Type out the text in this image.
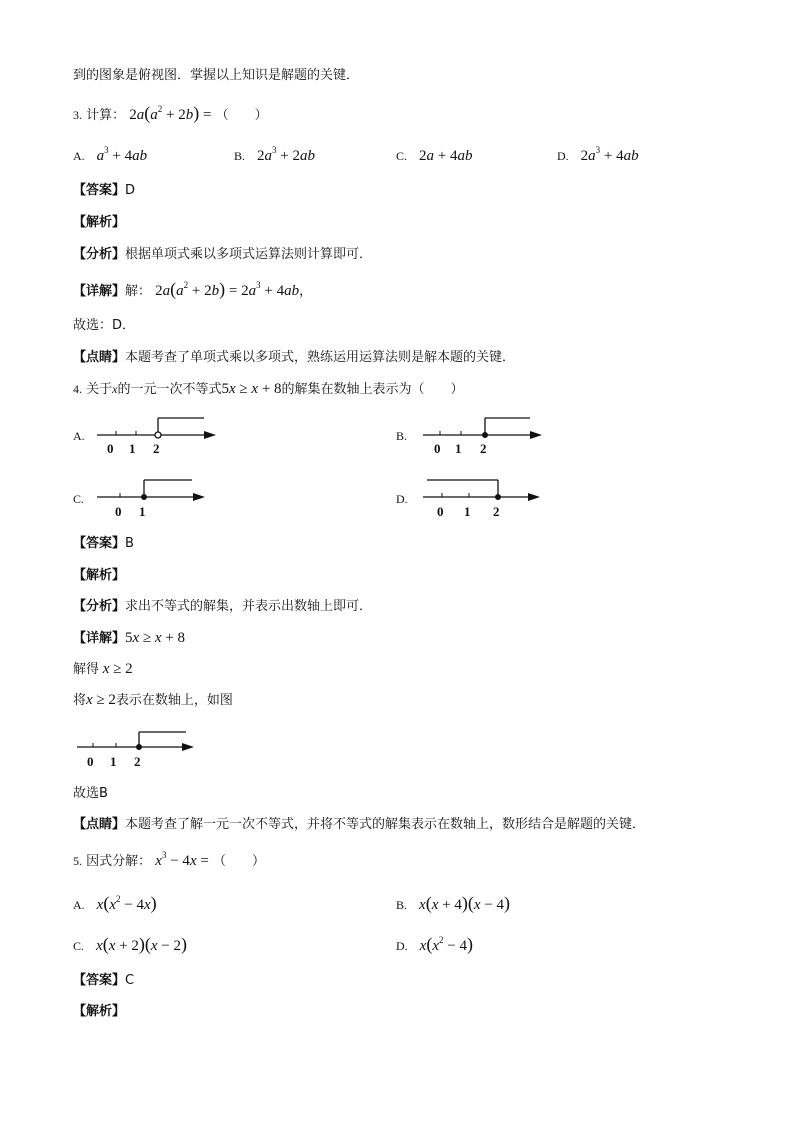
到的图象是俯视图．掌握以上知识是解题的关键．
3. 计算： $2a(a^2 + 2b)$ = （　　）
A. $a^3 + 4ab$	B. $2a^3 + 2ab$	C. 2a + 4ab	D. $2a^3 + 4ab$
【答案】D
【解析】
【分析】根据单项式乘以多项式运算法则计算即可．
【详解】解： $2a(a^2 + 2b) = 2a^3 + 4ab$，
故选：D．
【点睛】本题考查了单项式乘以多项式，熟练运用运算法则是解本题的关键．
4. 关于x的一元一次不等式5x ≥ x + 8的解集在数轴上表示为（　　）
A.
0 1 2
B.
0 1 2
C.
0 1
D.
0 1 2
【答案】B
【解析】
【分析】求出不等式的解集，并表示出数轴上即可．
【详解】5x ≥ x + 8
解得 x ≥ 2
将x ≥ 2表示在数轴上，如图
0 1 2
故选B
【点睛】本题考查了解一元一次不等式，并将不等式的解集表示在数轴上，数形结合是解题的关键．
5. 因式分解： $x^3 - 4x$ = （　　）
A. $x(x^2 - 4x)$	B. x(x + 4)(x − 4)
C. x(x + 2)(x − 2)	D. $x(x^2 - 4)$
【答案】C
【解析】
